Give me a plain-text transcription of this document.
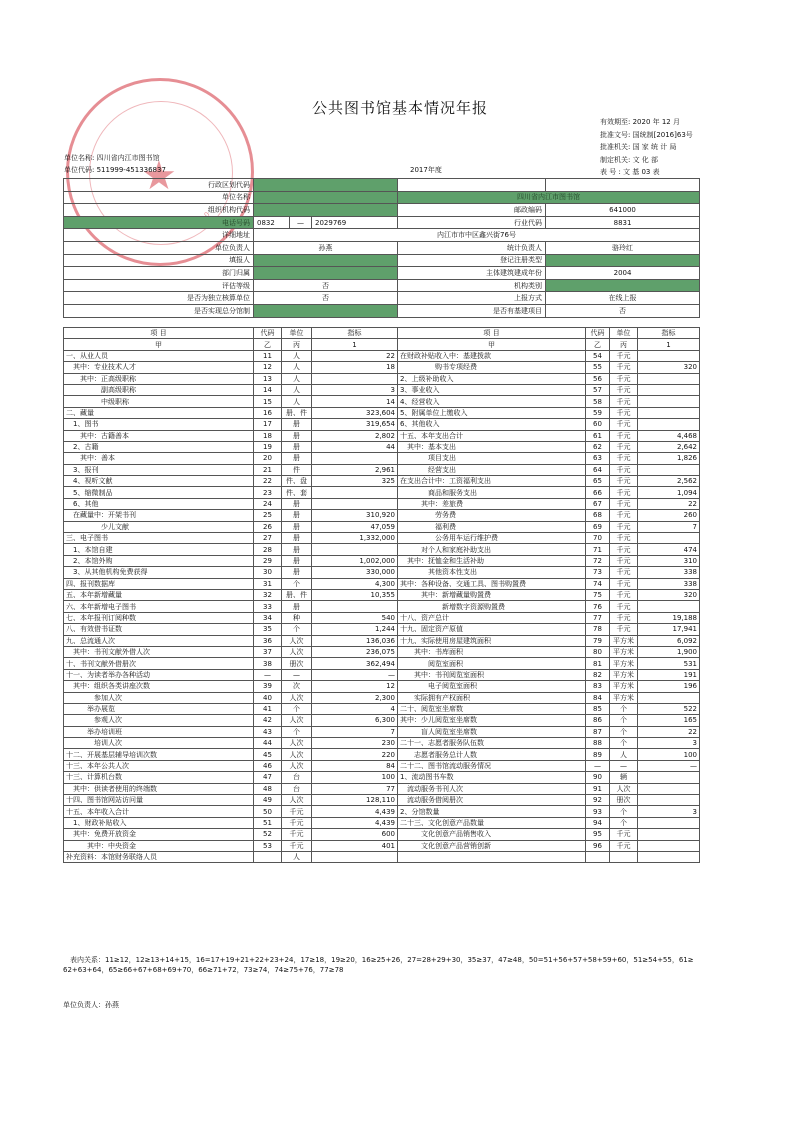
★
公共图书馆基本情况年报
有效期至: 2020 年 12 月
批准文号: 国统制[2016]63号
批准机关: 国 家 统 计 局
制定机关: 文 化 部
表 号 : 文 基 03 表
单位名称: 四川省内江市图书馆
单位代码: 511999-451336837	2017年度
行政区划代码					
单位名称				四川省内江市图书馆	
组织机构代码				邮政编码	641000
电话号码	0832	—	2029769	行业代码	8831
详细地址	内江市市中区鑫兴街76号				
单位负责人	孙燕			统计负责人	骆玲红
填报人				登记注册类型	
部门归属				主体建筑建成年份	2004
评估等级	否			机构类别	
是否为独立核算单位	否			上报方式	在线上报
是否实现总分馆制				是否有基建项目	否
项 目	代码	单位	指标	项 目	代码	单位	指标
甲	乙	丙	1	甲	乙	丙	1
一、从业人员	11	人	22	在财政补贴收入中：基建拨款	54	千元	
　其中：专业技术人才	12	人	18	　　　　　购书专项经费	55	千元	320
　　其中：正高级职称	13	人		2、上级补助收入	56	千元	
　　　　　副高级职称	14	人	3	3、事业收入	57	千元	
　　　　　中级职称	15	人	14	4、经营收入	58	千元	
二、藏量	16	册、件	323,604	5、附属单位上缴收入	59	千元	
　1、图书	17	册	319,654	6、其他收入	60	千元	
　　其中：古籍善本	18	册	2,802	十五、本年支出合计	61	千元	4,468
　2、古籍	19	册	44	　其中：基本支出	62	千元	2,642
　　其中：善本	20	册		　　　　项目支出	63	千元	1,826
　3、报刊	21	件	2,961	　　　　经营支出	64	千元	
　4、视听文献	22	件、盘	325	在支出合计中：工资福利支出	65	千元	2,562
　5、缩微制品	23	件、套		　　　　商品和服务支出	66	千元	1,094
　6、其他	24	册		　　　其中：差旅费	67	千元	22
　在藏量中：开架书刊	25	册	310,920	　　　　　劳务费	68	千元	260
　　　　　少儿文献	26	册	47,059	　　　　　福利费	69	千元	7
三、电子图书	27	册	1,332,000	　　　　　公务用车运行维护费	70	千元	
　1、本馆自建	28	册		　　　对个人和家庭补助支出	71	千元	474
　2、本馆外购	29	册	1,002,000	　其中：抚恤金和生活补助	72	千元	310
　3、从其他机构免费获得	30	册	330,000	　　　　其他资本性支出	73	千元	338
四、报刊数据库	31	个	4,300	其中：各种设备、交通工具、图书购置费	74	千元	338
五、本年新增藏量	32	册、件	10,355	　　　其中：新增藏量购置费	75	千元	320
六、本年新增电子图书	33	册		　　　　　　新增数字资源购置费	76	千元	
七、本年报刊订阅种数	34	种	540	十八、资产总计	77	千元	19,188
八、有效借书证数	35	个	1,244	十九、固定资产原值	78	千元	17,941
九、总流通人次	36	人次	136,036	十九、实际使用房屋建筑面积	79	平方米	6,092
　其中：书刊文献外借人次	37	人次	236,075	　　其中：书库面积	80	平方米	1,900
十、书刊文献外借册次	38	册次	362,494	　　　　阅览室面积	81	平方米	531
十一、为读者举办各种活动	—	—	—	　　其中：书刊阅览室面积	82	平方米	191
　其中：组织各类讲座次数	39	次	12	　　　　电子阅览室面积	83	平方米	196
　　　　参加人次	40	人次	2,300	　　实际拥有产权面积	84	平方米	
　　　举办展览	41	个	4	二十、阅览室坐席数	85	个	522
　　　　参观人次	42	人次	6,300	其中：少儿阅览室坐席数	86	个	165
　　　举办培训班	43	个	7	　　　盲人阅览室坐席数	87	个	22
　　　　培训人次	44	人次	230	二十一、志愿者服务队伍数	88	个	3
十二、开展基层辅导培训次数	45	人次	220	　　志愿者服务总计人数	89	人	100
十三、本年公共人次	46	人次	84	二十二、图书馆流动服务情况	—	—	—
十三、计算机台数	47	台	100	1、流动图书车数	90	辆	
　其中：供读者使用的终端数	48	台	77	　流动服务书刊人次	91	人次	
十四、图书馆网站访问量	49	人次	128,110	　流动服务借阅册次	92	册次	
十五、本年收入合计	50	千元	4,439	2、分馆数量	93	个	3
　1、财政补贴收入	51	千元	4,439	二十三、文化创意产品数量	94	个	
　其中：免费开放资金	52	千元	600	　　　文化创意产品销售收入	95	千元	
　　　其中：中央资金	53	千元	401	　　　文化创意产品营销创新	96	千元	
补充资料：本馆财务联络人员		人					
　表内关系：11≥12，12≥13+14+15，16=17+19+21+22+23+24，17≥18，19≥20，16≥25+26，27=28+29+30，35≥37，47≥48，50=51+56+57+58+59+60，51≥54+55，61≥
62+63+64，65≥66+67+68+69+70，66≥71+72，73≥74，74≥75+76，77≥78
单位负责人：孙燕
